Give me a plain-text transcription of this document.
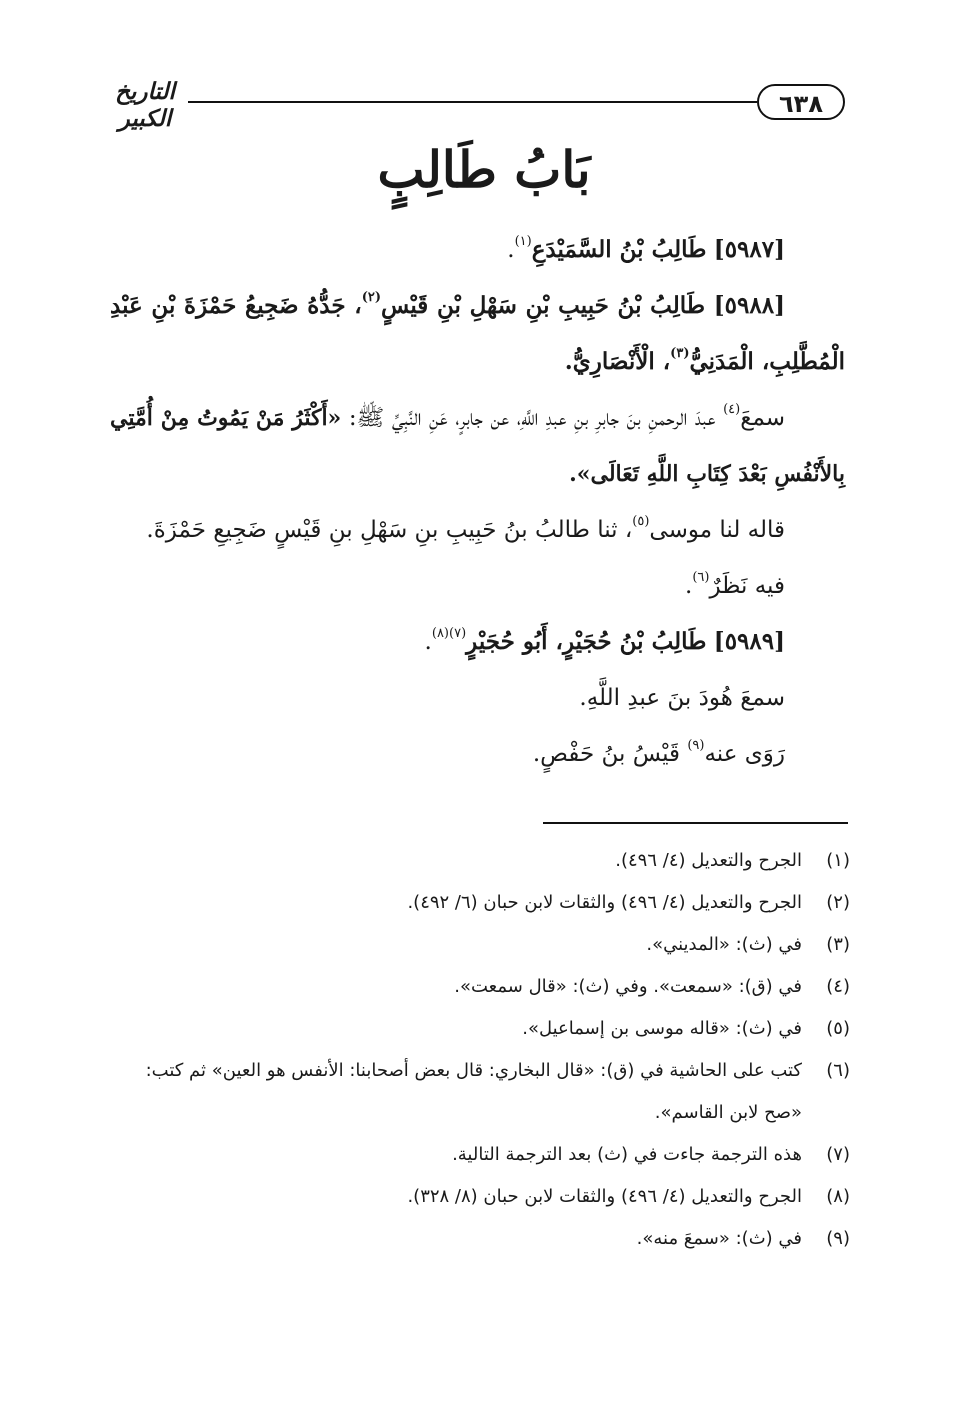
٦٣٨
التاريخ الكبير
بَابُ طَالِبٍ

[٥٩٨٧] طَالِبُ بْنُ السَّمَيْدَعِ$^{(١)}$.

[٥٩٨٨] طَالِبُ بْنُ حَبِيبِ بْنِ سَهْلِ بْنِ قَيْسٍ$^{(٢)}$، جَدُّهُ ضَجِيعُ حَمْزَةَ بْنِ عَبْدِ الْمُطَّلِبِ، الْمَدَنِيُّ$^{(٣)}$، الْأَنْصَارِيُّ.

سمعَ$^{(٤)}$ عبدَ الرحمنِ بنَ جابرِ بنِ عبدِ اللَّهِ، عن جابرٍ، عَنِ النَّبِيِّ ﷺ: «أَكْثَرُ مَنْ يَمُوتُ مِنْ أُمَّتِي بِالأَنْفُسِ بَعْدَ كِتَابِ اللَّهِ تَعَالَى».

قاله لنا موسى$^{(٥)}$، ثنا طالبُ بنُ حَبِيبِ بنِ سَهْلِ بنِ قَيْسٍ ضَجِيعِ حَمْزَةَ.

فيه نَظَرٌ$^{(٦)}$.

[٥٩٨٩] طَالِبُ بْنُ حُجَيْرٍ، أَبُو حُجَيْرٍ$^{(٧)(٨)}$.

سمعَ هُودَ بنَ عبدِ اللَّهِ.

رَوَى عنه$^{(٩)}$ قَيْسُ بنُ حَفْصٍ.

(١)
الجرح والتعديل (٤/ ٤٩٦).
(٢)
الجرح والتعديل (٤/ ٤٩٦) والثقات لابن حبان (٦/ ٤٩٢).
(٣)
في (ث): «المديني».
(٤)
في (ق): «سمعت». وفي (ث): «قال سمعت».
(٥)
في (ث): «قاله موسى بن إسماعيل».
(٦)
كتب على الحاشية في (ق): «قال البخاري: قال بعض أصحابنا: الأنفس هو العين» ثم كتب: «صح لابن القاسم».
(٧)
هذه الترجمة جاءت في (ث) بعد الترجمة التالية.
(٨)
الجرح والتعديل (٤/ ٤٩٦) والثقات لابن حبان (٨/ ٣٢٨).
(٩)
في (ث): «سمعَ منه».
